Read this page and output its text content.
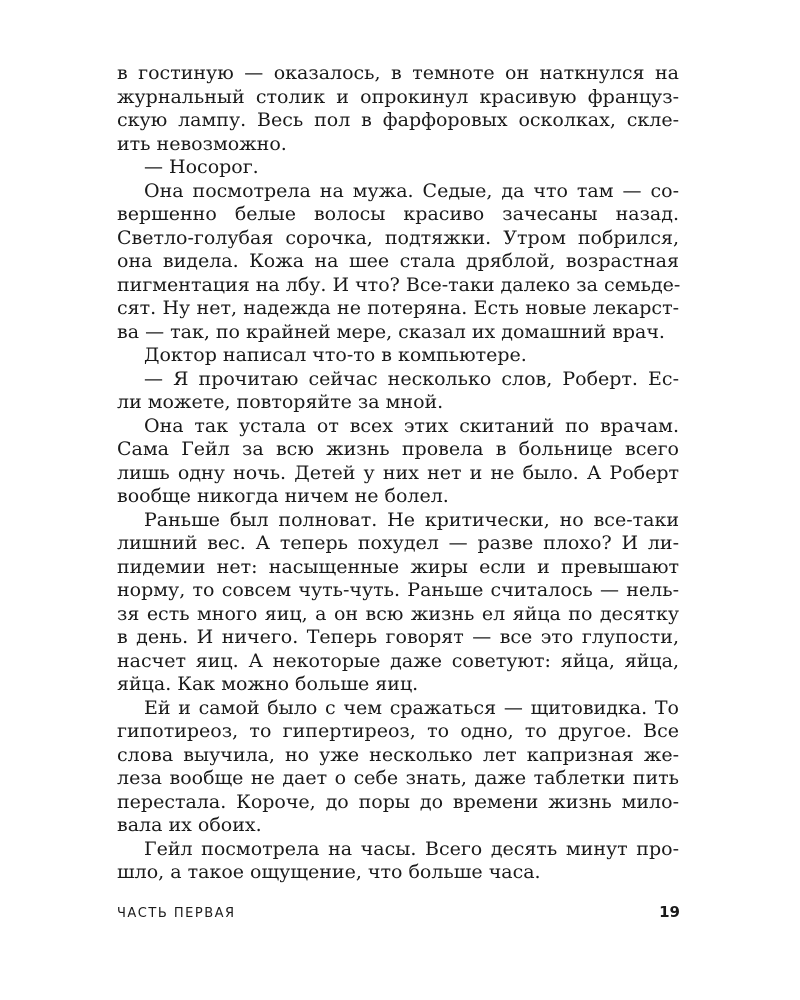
в гостиную — оказалось, в темноте он наткнулся на
журнальный столик и опрокинул красивую француз-
скую лампу. Весь пол в фарфоровых осколках, скле-
ить невозможно.
— Носорог.
Она посмотрела на мужа. Седые, да что там — со-
вершенно белые волосы красиво зачесаны назад.
Светло-голубая сорочка, подтяжки. Утром побрился,
она видела. Кожа на шее стала дряблой, возрастная
пигментация на лбу. И что? Все-таки далеко за семьде-
сят. Ну нет, надежда не потеряна. Есть новые лекарст-
ва — так, по крайней мере, сказал их домашний врач.
Доктор написал что-то в компьютере.
— Я прочитаю сейчас несколько слов, Роберт. Ес-
ли можете, повторяйте за мной.
Она так устала от всех этих скитаний по врачам.
Сама Гейл за всю жизнь провела в больнице всего
лишь одну ночь. Детей у них нет и не было. А Роберт
вообще никогда ничем не болел.
Раньше был полноват. Не критически, но все-таки
лишний вес. А теперь похудел — разве плохо? И ли-
пидемии нет: насыщенные жиры если и превышают
норму, то совсем чуть-чуть. Раньше считалось — нель-
зя есть много яиц, а он всю жизнь ел яйца по десятку
в день. И ничего. Теперь говорят — все это глупости,
насчет яиц. А некоторые даже советуют: яйца, яйца,
яйца. Как можно больше яиц.
Ей и самой было с чем сражаться — щитовидка. То
гипотиреоз, то гипертиреоз, то одно, то другое. Все
слова выучила, но уже несколько лет капризная же-
леза вообще не дает о себе знать, даже таблетки пить
перестала. Короче, до поры до времени жизнь мило-
вала их обоих.
Гейл посмотрела на часы. Всего десять минут про-
шло, а такое ощущение, что больше часа.
ЧАСТЬ ПЕРВАЯ	19
